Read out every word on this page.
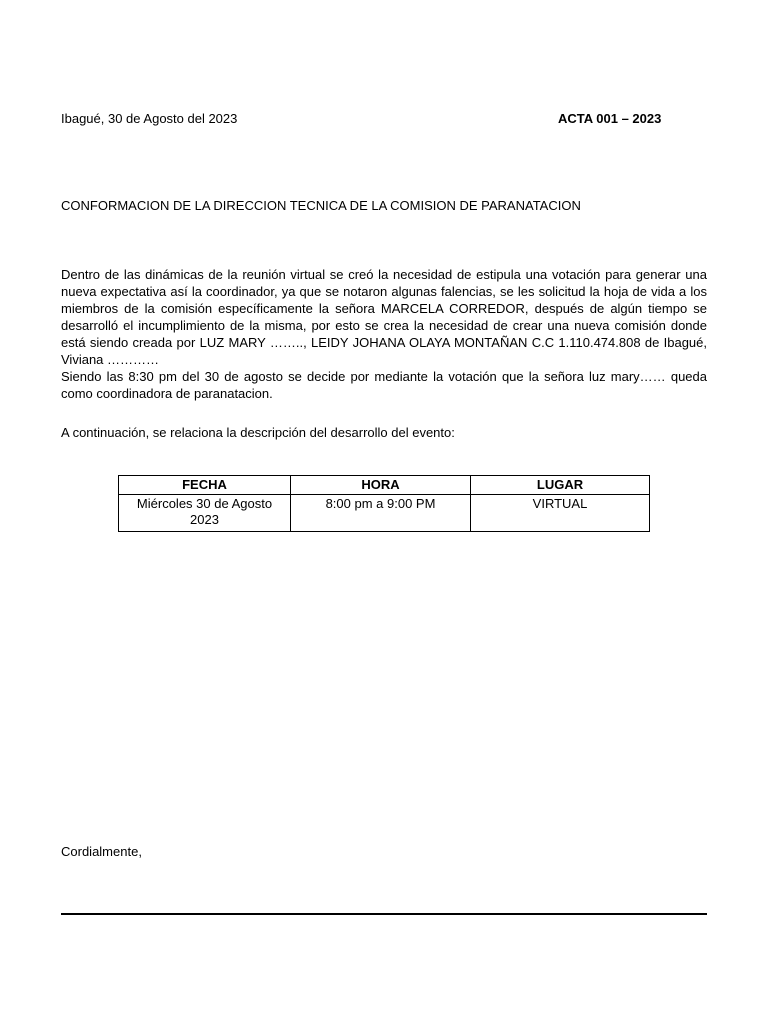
Ibagué, 30 de Agosto del 2023	ACTA 001 – 2023
CONFORMACION DE LA DIRECCION TECNICA DE LA COMISION DE PARANATACION

Dentro de las dinámicas de la reunión virtual se creó la necesidad de estipula una votación para generar una nueva expectativa así la coordinador, ya que se notaron algunas falencias, se les solicitud la hoja de vida a los miembros de la comisión específicamente la señora MARCELA CORREDOR, después de algún tiempo se desarrolló el incumplimiento de la misma, por esto se crea la necesidad de crear una nueva comisión donde está siendo creada por LUZ MARY …….., LEIDY JOHANA OLAYA MONTAÑAN C.C 1.110.474.808 de Ibagué, Viviana …………

Siendo las 8:30 pm del 30 de agosto se decide por mediante la votación que la señora luz mary…… queda como coordinadora de paranatacion.

A continuación, se relaciona la descripción del desarrollo del evento:
FECHA	HORA	LUGAR
Miércoles 30 de Agosto 2023	8:00 pm a 9:00 PM	VIRTUAL
Cordialmente,
